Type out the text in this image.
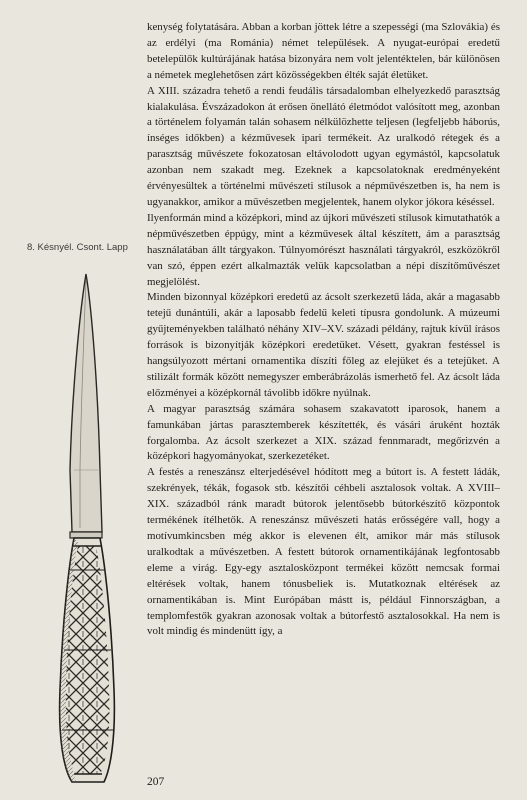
8. Késnyél. Csont. Lapp

kenység folytatására. Abban a korban jöttek létre a szepességi (ma Szlovákia) és az erdélyi (ma Románia) német települések. A nyugat-európai eredetű betelepülők kultúrájának hatása bizonyára nem volt jelentéktelen, bár különösen a németek meglehetősen zárt közösségekben élték saját életüket.

A XIII. századra tehető a rendi feudális társadalomban elhelyezkedő parasztság kialakulása. Évszázadokon át erősen önellátó életmódot valósított meg, azonban a történelem folyamán talán sohasem nélkülözhette teljesen (legfeljebb háborús, ínséges időkben) a kézművesek ipari termékeit. Az uralkodó rétegek és a parasztság művészete fokozatosan eltávolodott ugyan egymástól, kapcsolatuk azonban nem szakadt meg. Ezeknek a kapcsolatoknak eredményeként érvényesültek a történelmi művészeti stílusok a népművészetben is, ha nem is ugyanakkor, amikor a művészetben megjelentek, hanem olykor jókora késéssel.

Ilyenformán mind a középkori, mind az újkori művészeti stílusok kimutathatók a népművészetben éppúgy, mint a kézművesek által készített, ám a parasztság használatában állt tárgyakon. Túlnyomórészt használati tárgyakról, eszközökről van szó, éppen ezért alkalmazták velük kapcsolatban a népi díszítőművészet megjelölést.

Minden bizonnyal középkori eredetű az ácsolt szerkezetű láda, akár a magasabb tetejű dunántúli, akár a laposabb fedelű keleti típusra gondolunk. A múzeumi gyűjteményekben található néhány XIV–XV. századi példány, rajtuk kívül írásos források is bizonyítják középkori eredetüket. Vésett, gyakran festéssel is hangsúlyozott mértani ornamentika díszíti főleg az elejüket és a tetejüket. A stilizált formák között nemegyszer emberábrázolás ismerhető fel. Az ácsolt láda előzményei a középkornál távolibb időkre nyúlnak.

A magyar parasztság számára sohasem szakavatott iparosok, hanem a famunkában jártas parasztemberek készítették, és vásári áruként hozták forgalomba. Az ácsolt szerkezet a XIX. század fennmaradt, megőrizvén a középkori hagyományokat, szerkezetéket.

A festés a reneszánsz elterjedésével hódított meg a bútort is. A festett ládák, szekrények, tékák, fogasok stb. készítői céhbeli asztalosok voltak. A XVIII–XIX. századból ránk maradt bútorok jelentősebb bútorkészítő központok termékének ítélhetők. A reneszánsz művészeti hatás erősségére vall, hogy a motívumkincsben még akkor is elevenen élt, amikor már más stílusok uralkodtak a művészetben. A festett bútorok ornamentikájának legfontosabb eleme a virág. Egy-egy asztalosközpont termékei között nemcsak formai eltérések voltak, hanem tónusbeliek is. Mutatkoznak eltérések az ornamentikában is. Mint Európában mástt is, például Finnországban, a templomfestők gyakran azonosak voltak a bútorfestő asztalosokkal. Ha nem is volt mindig és mindenütt így, a

207
